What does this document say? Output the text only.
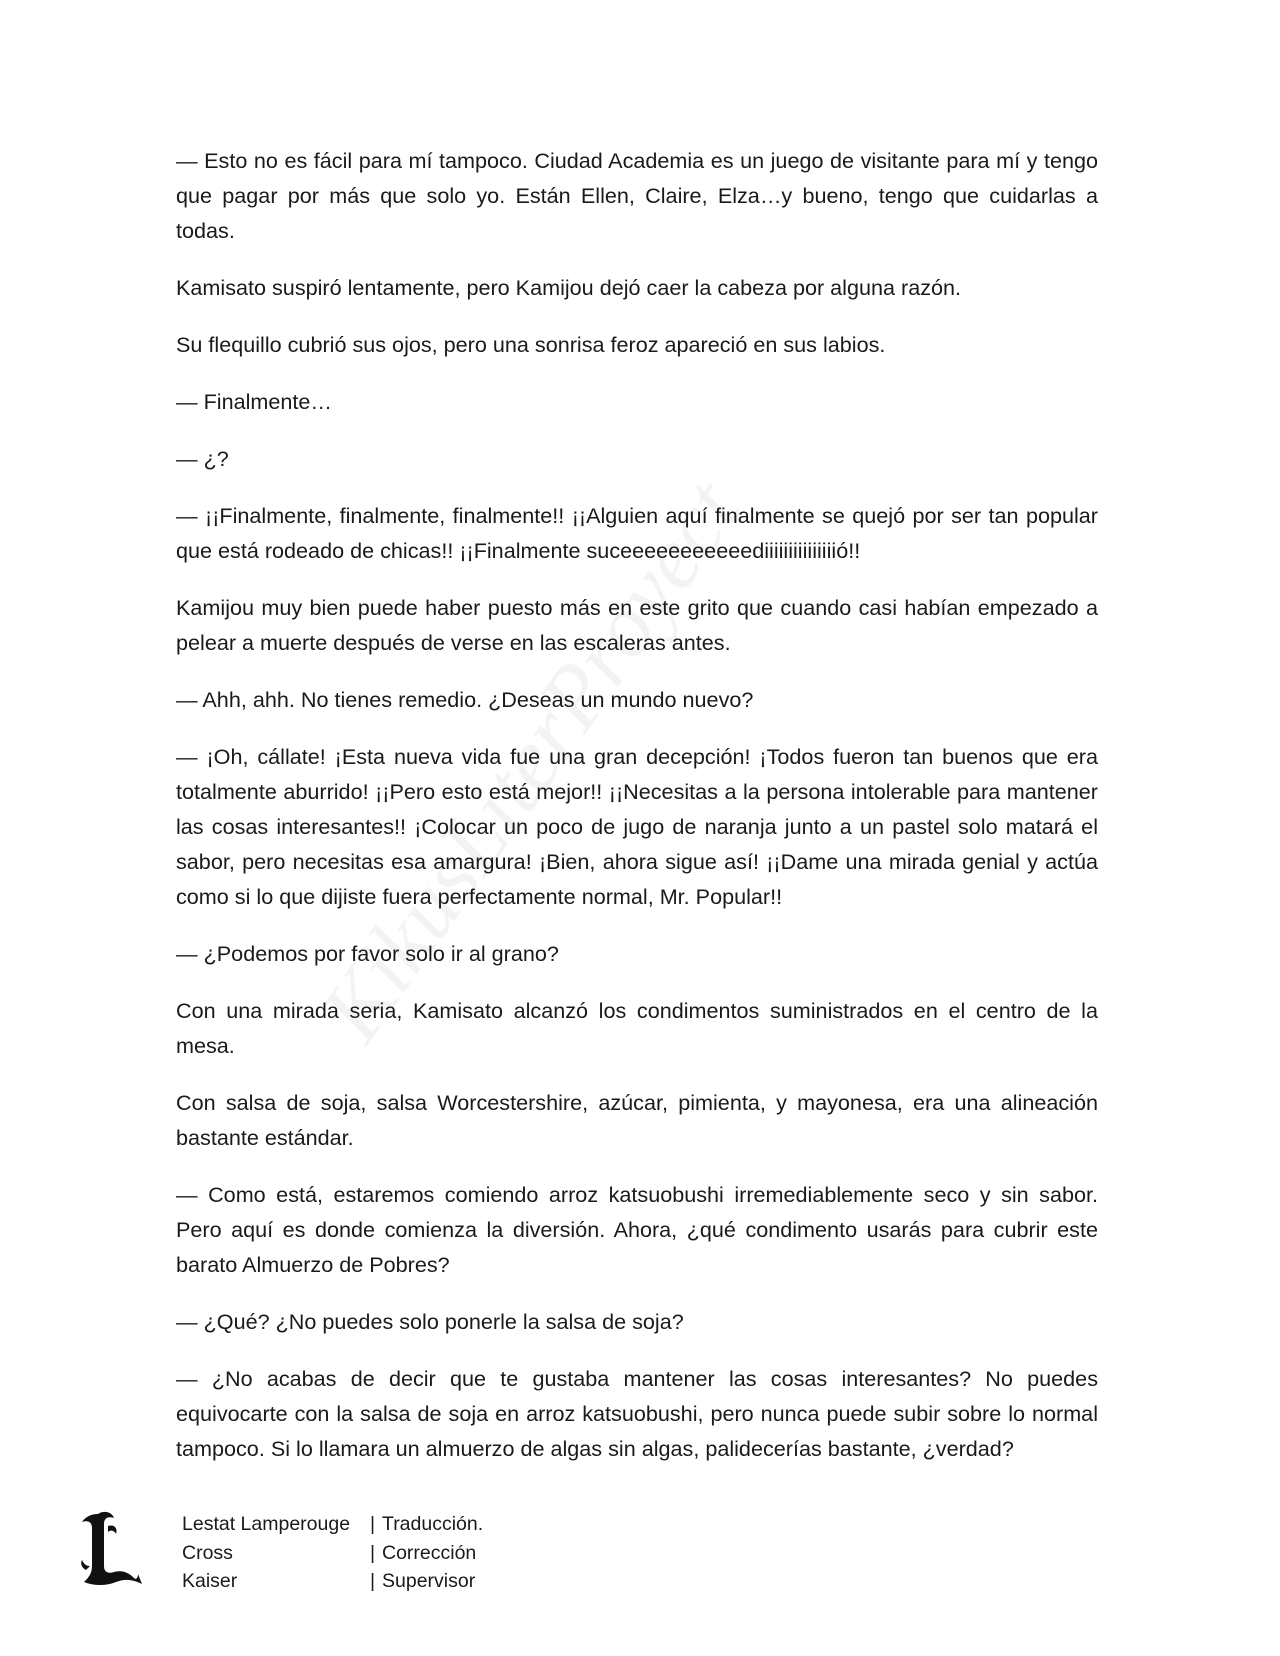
— Esto no es fácil para mí tampoco. Ciudad Academia es un juego de visitante para mí y tengo que pagar por más que solo yo. Están Ellen, Claire, Elza…y bueno, tengo que cuidarlas a todas.

Kamisato suspiró lentamente, pero Kamijou dejó caer la cabeza por alguna razón.

Su flequillo cubrió sus ojos, pero una sonrisa feroz apareció en sus labios.

— Finalmente…

— ¿?

— ¡¡Finalmente, finalmente, finalmente!! ¡¡Alguien aquí finalmente se quejó por ser tan popular que está rodeado de chicas!! ¡¡Finalmente suceeeeeeeeeeediiiiiiiiiiiiiiió!!

Kamijou muy bien puede haber puesto más en este grito que cuando casi habían empezado a pelear a muerte después de verse en las escaleras antes.

— Ahh, ahh. No tienes remedio. ¿Deseas un mundo nuevo?

— ¡Oh, cállate! ¡Esta nueva vida fue una gran decepción! ¡Todos fueron tan buenos que era totalmente aburrido! ¡¡Pero esto está mejor!! ¡¡Necesitas a la persona intolerable para mantener las cosas interesantes!! ¡Colocar un poco de jugo de naranja junto a un pastel solo matará el sabor, pero necesitas esa amargura! ¡Bien, ahora sigue así! ¡¡Dame una mirada genial y actúa como si lo que dijiste fuera perfectamente normal, Mr. Popular!!

— ¿Podemos por favor solo ir al grano?

Con una mirada seria, Kamisato alcanzó los condimentos suministrados en el centro de la mesa.

Con salsa de soja, salsa Worcestershire, azúcar, pimienta, y mayonesa, era una alineación bastante estándar.

— Como está, estaremos comiendo arroz katsuobushi irremediablemente seco y sin sabor. Pero aquí es donde comienza la diversión. Ahora, ¿qué condimento usarás para cubrir este barato Almuerzo de Pobres?

— ¿Qué? ¿No puedes solo ponerle la salsa de soja?

— ¿No acabas de decir que te gustaba mantener las cosas interesantes? No puedes equivocarte con la salsa de soja en arroz katsuobushi, pero nunca puede subir sobre lo normal tampoco. Si lo llamara un almuerzo de algas sin algas, palidecerías bastante, ¿verdad?

Lestat Lamperouge	| Traducción.
Cross	| Corrección
Kaiser	| Supervisor
